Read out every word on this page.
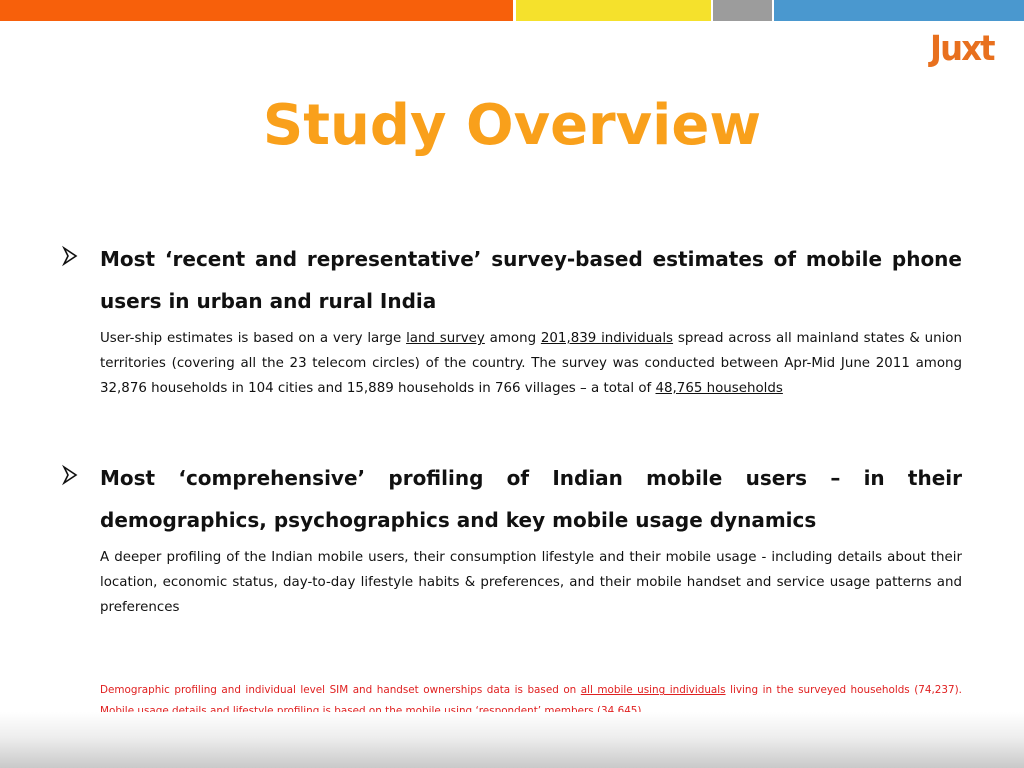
Juxt
Study Overview

Most ‘recent and representative’ survey-based estimates of mobile phone users in urban and rural India

User-ship estimates is based on a very large land survey among 201,839 individuals spread across all mainland states & union territories (covering all the 23 telecom circles) of the country. The survey was conducted between Apr-Mid June 2011 among 32,876 households in 104 cities and 15,889 households in 766 villages – a total of 48,765 households

Most ‘comprehensive’ profiling of Indian mobile users – in their demographics, psychographics and key mobile usage dynamics

A deeper profiling of the Indian mobile users, their consumption lifestyle and their mobile usage - including details about their location, economic status, day-to-day lifestyle habits & preferences, and their mobile handset and service usage patterns and preferences

Demographic profiling and individual level SIM and handset ownerships data is based on all mobile using individuals living in the surveyed households (74,237).
